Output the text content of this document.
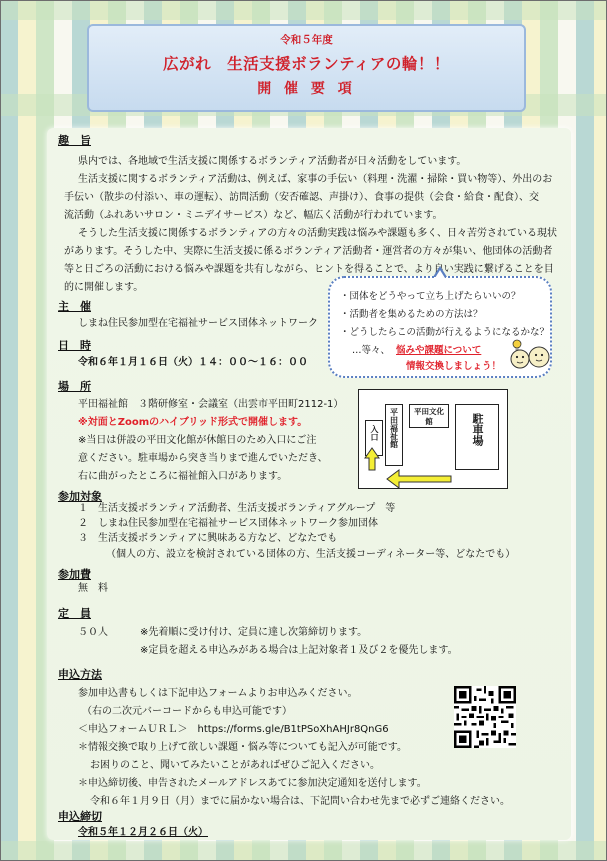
令和５年度
広がれ　生活支援ボランティアの輪！！
開 催 要 項
趣　旨
県内では、各地域で生活支援に関係するボランティア活動者が日々活動をしています。
生活支援に関するボランティア活動は、例えば、家事の手伝い（料理・洗濯・掃除・買い物等）、外出のお
手伝い（散歩の付添い、車の運転）、訪問活動（安否確認、声掛け）、食事の提供（会食・給食・配食）、交
流活動（ふれあいサロン・ミニデイサービス）など、幅広く活動が行われています。
そうした生活支援に関係するボランティアの方々の活動実践は悩みや課題も多く、日々苦労されている現状
があります。そうした中、実際に生活支援に係るボランティア活動者・運営者の方々が集い、他団体の活動者
等と日ごろの活動における悩みや課題を共有しながら、ヒントを得ることで、より良い実践に繋げることを目
的に開催します。
・団体をどうやって立ち上げたらいいの？
・活動者を集めるための方法は？
・どうしたらこの活動が行えるようになるかな？
…等々、 悩みや課題について
情報交換しましょう！
主　催
しまね住民参加型在宅福祉サービス団体ネットワーク
日　時
令和６年１月１６日（火）１４：００～１６：００
場　所
平田福祉館　３階研修室・会議室（出雲市平田町2112-1）
※対面とZoomのハイブリッド形式で開催します。
※当日は併設の平田文化館が休館日のため入口にご注
意ください。駐車場から突き当りまで進んでいただき、
右に曲がったところに福祉館入口があります。
入口	平田福祉館	平田文化館	駐車場
参加対象
１　生活支援ボランティア活動者、生活支援ボランティアグループ　等
２　しまね住民参加型在宅福祉サービス団体ネットワーク参加団体
３　生活支援ボランティアに興味ある方など、どなたでも
（個人の方、設立を検討されている団体の方、生活支援コーディネーター等、どなたでも）
参加費
無　料
定　員
５０人	※先着順に受け付け、定員に達し次第締切ります。
※定員を超える申込みがある場合は上記対象者１及び２を優先します。
申込方法
参加申込書もしくは下記申込フォームよりお申込みください。
（右の二次元バーコードからも申込可能です）
＜申込フォームＵＲＬ＞　https://forms.gle/B1tPSoXhAHJr8QnG6
＊情報交換で取り上げて欲しい課題・悩み等についても記入が可能です。
お困りのこと、聞いてみたいことがあればぜひご記入ください。
＊申込締切後、申告されたメールアドレスあてに参加決定通知を送付します。
令和６年１月９日（月）までに届かない場合は、下記問い合わせ先まで必ずご連絡ください。
申込締切
令和５年１２月２６日（火）
